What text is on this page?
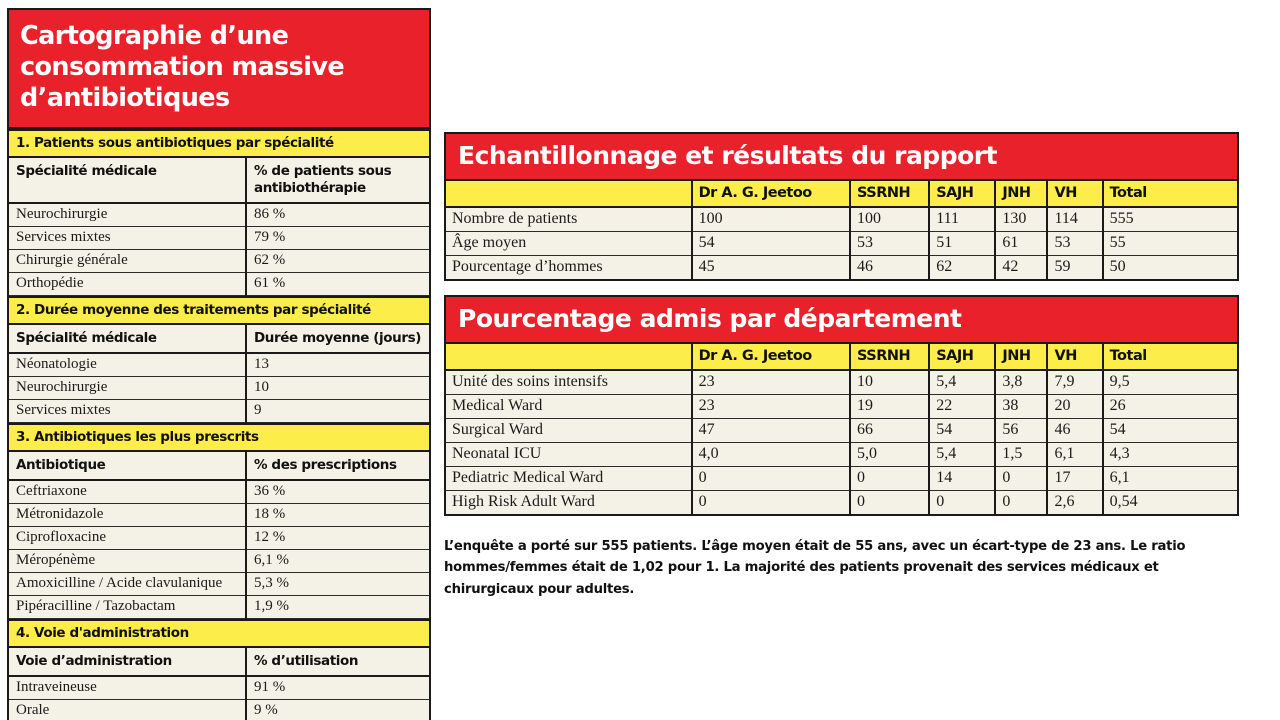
Cartographie d’une consommation massive d’antibiotiques
1. Patients sous antibiotiques par spécialité	
Spécialité médicale	% de patients sous antibiothérapie
Neurochirurgie	86 %
Services mixtes	79 %
Chirurgie générale	62 %
Orthopédie	61 %
2. Durée moyenne des traitements par spécialité	
Spécialité médicale	Durée moyenne (jours)
Néonatologie	13
Neurochirurgie	10
Services mixtes	9
3. Antibiotiques les plus prescrits	
Antibiotique	% des prescriptions
Ceftriaxone	36 %
Métronidazole	18 %
Ciprofloxacine	12 %
Méropénème	6,1 %
Amoxicilline / Acide clavulanique	5,3 %
Pipéracilline / Tazobactam	1,9 %
4. Voie d'administration	
Voie d’administration	% d’utilisation
Intraveineuse	91 %
Orale	9 %
Echantillonnage et résultats du rapport
	Dr A. G. Jeetoo	SSRNH	SAJH	JNH	VH	Total
Nombre de patients	100	100	111	130	114	555
Âge moyen	54	53	51	61	53	55
Pourcentage d’hommes	45	46	62	42	59	50
Pourcentage admis par département
	Dr A. G. Jeetoo	SSRNH	SAJH	JNH	VH	Total
Unité des soins intensifs	23	10	5,4	3,8	7,9	9,5
Medical Ward	23	19	22	38	20	26
Surgical Ward	47	66	54	56	46	54
Neonatal ICU	4,0	5,0	5,4	1,5	6,1	4,3
Pediatric Medical Ward	0	0	14	0	17	6,1
High Risk Adult Ward	0	0	0	0	2,6	0,54
L’enquête a porté sur 555 patients. L’âge moyen était de 55 ans, avec un écart-type de 23 ans. Le ratio hommes/femmes était de 1,02 pour 1. La majorité des patients provenait des services médicaux et chirurgicaux pour adultes.
